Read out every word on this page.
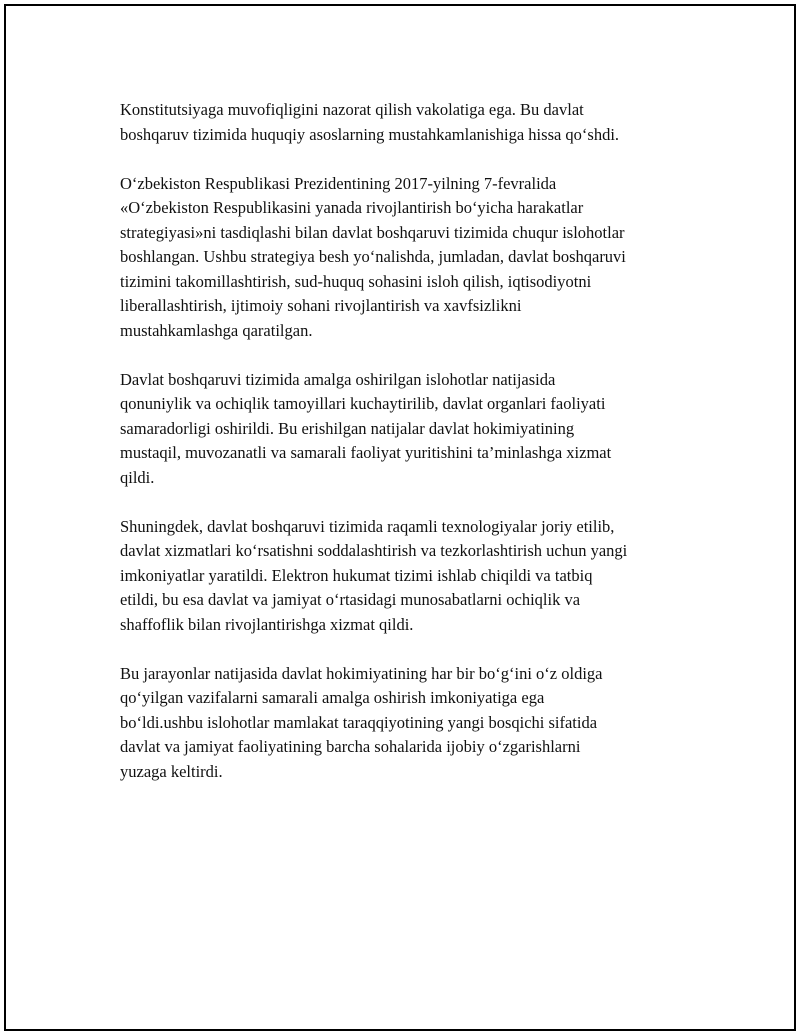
Konstitutsiyaga muvofiqligini nazorat qilish vakolatiga ega. Bu davlat
boshqaruv tizimida huquqiy asoslarning mustahkamlanishiga hissa qo‘shdi.

O‘zbekiston Respublikasi Prezidentining 2017-yilning 7-fevralida
«O‘zbekiston Respublikasini yanada rivojlantirish bo‘yicha harakatlar
strategiyasi»ni tasdiqlashi bilan davlat boshqaruvi tizimida chuqur islohotlar
boshlangan. Ushbu strategiya besh yo‘nalishda, jumladan, davlat boshqaruvi
tizimini takomillashtirish, sud-huquq sohasini isloh qilish, iqtisodiyotni
liberallashtirish, ijtimoiy sohani rivojlantirish va xavfsizlikni
mustahkamlashga qaratilgan.

Davlat boshqaruvi tizimida amalga oshirilgan islohotlar natijasida
qonuniylik va ochiqlik tamoyillari kuchaytirilib, davlat organlari faoliyati
samaradorligi oshirildi. Bu erishilgan natijalar davlat hokimiyatining
mustaqil, muvozanatli va samarali faoliyat yuritishini ta’minlashga xizmat
qildi.

Shuningdek, davlat boshqaruvi tizimida raqamli texnologiyalar joriy etilib,
davlat xizmatlari ko‘rsatishni soddalashtirish va tezkorlashtirish uchun yangi
imkoniyatlar yaratildi. Elektron hukumat tizimi ishlab chiqildi va tatbiq
etildi, bu esa davlat va jamiyat o‘rtasidagi munosabatlarni ochiqlik va
shaffoflik bilan rivojlantirishga xizmat qildi.

Bu jarayonlar natijasida davlat hokimiyatining har bir bo‘g‘ini o‘z oldiga
qo‘yilgan vazifalarni samarali amalga oshirish imkoniyatiga ega
bo‘ldi.ushbu islohotlar mamlakat taraqqiyotining yangi bosqichi sifatida
davlat va jamiyat faoliyatining barcha sohalarida ijobiy o‘zgarishlarni
yuzaga keltirdi.
